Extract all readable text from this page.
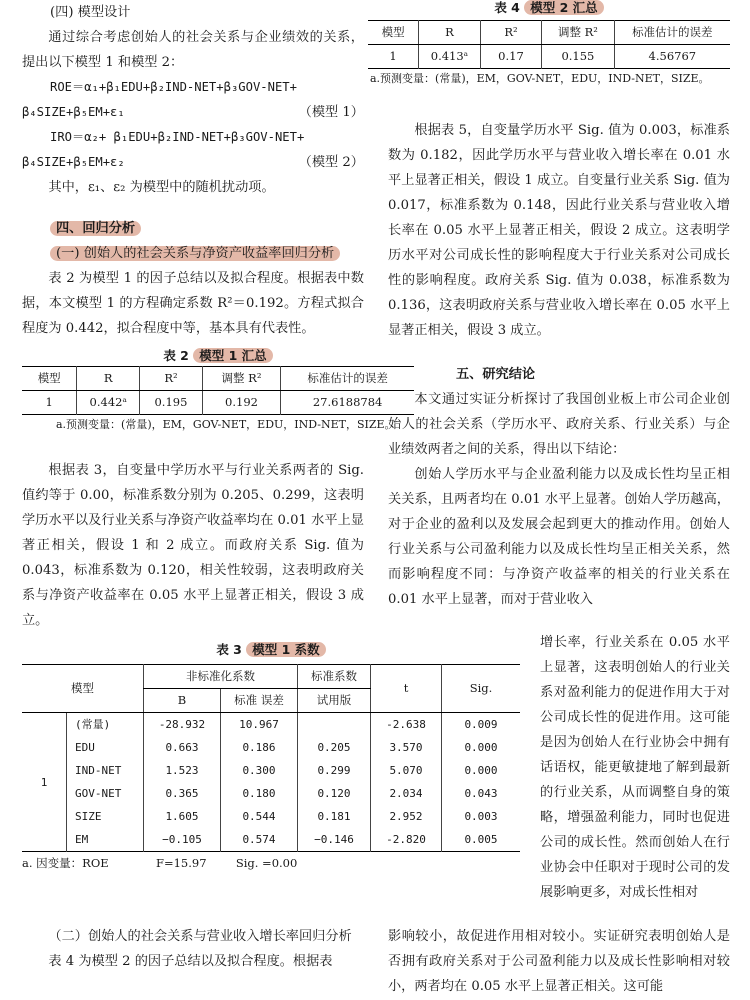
(四) 模型设计

通过综合考虑创始人的社会关系与企业绩效的关系，提出以下模型 1 和模型 2：

ROE＝α₁+β₁EDU+β₂IND-NET+β₃GOV-NET+

β₄SIZE+β₅EM+ε₁	（模型 1）

IRO＝α₂+ β₁EDU+β₂IND-NET+β₃GOV-NET+

β₄SIZE+β₅EM+ε₂	（模型 2）

其中，ε₁、ε₂ 为模型中的随机扰动项。

四、回归分析

(一) 创始人的社会关系与净资产收益率回归分析

表 2 为模型 1 的因子总结以及拟合程度。根据表中数据，本文模型 1 的方程确定系数 R²＝0.192。方程式拟合程度为 0.442，拟合程度中等，基本具有代表性。

表 2 模型 1 汇总
模型	R	R²	调整 R²	标准估计的误差
1	0.442ᵃ	0.195	0.192	27.6188784
a.预测变量：(常量)，EM，GOV-NET，EDU，IND-NET，SIZE。

根据表 3，自变量中学历水平与行业关系两者的 Sig. 值约等于 0.00，标准系数分别为 0.205、0.299，这表明学历水平以及行业关系与净资产收益率均在 0.01 水平上显著正相关，假设 1 和 2 成立。而政府关系 Sig. 值为 0.043，标准系数为 0.120，相关性较弱，这表明政府关系与净资产收益率在 0.05 水平上显著正相关，假设 3 成立。

表 3 模型 1 系数
模型		非标准化系数		标准系数	t	Sig.
		B	标准 误差	试用版		
1	(常量)	-28.932	10.967		-2.638	0.009
	EDU	0.663	0.186	0.205	3.570	0.000
	IND-NET	1.523	0.300	0.299	5.070	0.000
	GOV-NET	0.365	0.180	0.120	2.034	0.043
	SIZE	1.605	0.544	0.181	2.952	0.003
	EM	−0.105	0.574	−0.146	-2.820	0.005
a. 因变量：ROE	F=15.97	Sig. =0.00

（二）创始人的社会关系与营业收入增长率回归分析

表 4 为模型 2 的因子总结以及拟合程度。根据表

表 4 模型 2 汇总
模型	R	R²	调整 R²	标准估计的误差
1	0.413ᵃ	0.17	0.155	4.56767
a.预测变量：(常量)，EM，GOV-NET，EDU，IND-NET，SIZE。

根据表 5，自变量学历水平 Sig. 值为 0.003，标准系数为 0.182，因此学历水平与营业收入增长率在 0.01 水平上显著正相关，假设 1 成立。自变量行业关系 Sig. 值为 0.017，标准系数为 0.148，因此行业关系与营业收入增长率在 0.05 水平上显著正相关，假设 2 成立。这表明学历水平对公司成长性的影响程度大于行业关系对公司成长性的影响程度。政府关系 Sig. 值为 0.038，标准系数为 0.136，这表明政府关系与营业收入增长率在 0.05 水平上显著正相关，假设 3 成立。

五、研究结论

本文通过实证分析探讨了我国创业板上市公司企业创始人的社会关系（学历水平、政府关系、行业关系）与企业绩效两者之间的关系，得出以下结论：

创始人学历水平与企业盈利能力以及成长性均呈正相关关系，且两者均在 0.01 水平上显著。创始人学历越高，对于企业的盈利以及发展会起到更大的推动作用。创始人行业关系与公司盈利能力以及成长性均呈正相关关系，然而影响程度不同：与净资产收益率的相关的行业关系在 0.01 水平上显著，而对于营业收入

增长率，行业关系在 0.05 水平上显著，这表明创始人的行业关系对盈利能力的促进作用大于对公司成长性的促进作用。这可能是因为创始人在行业协会中拥有话语权，能更敏捷地了解到最新的行业关系，从而调整自身的策略，增强盈利能力，同时也促进公司的成长性。然而创始人在行业协会中任职对于现时公司的发展影响更多，对成长性相对

影响较小，故促进作用相对较小。实证研究表明创始人是否拥有政府关系对于公司盈利能力以及成长性影响相对较小，两者均在 0.05 水平上显著正相关。这可能
